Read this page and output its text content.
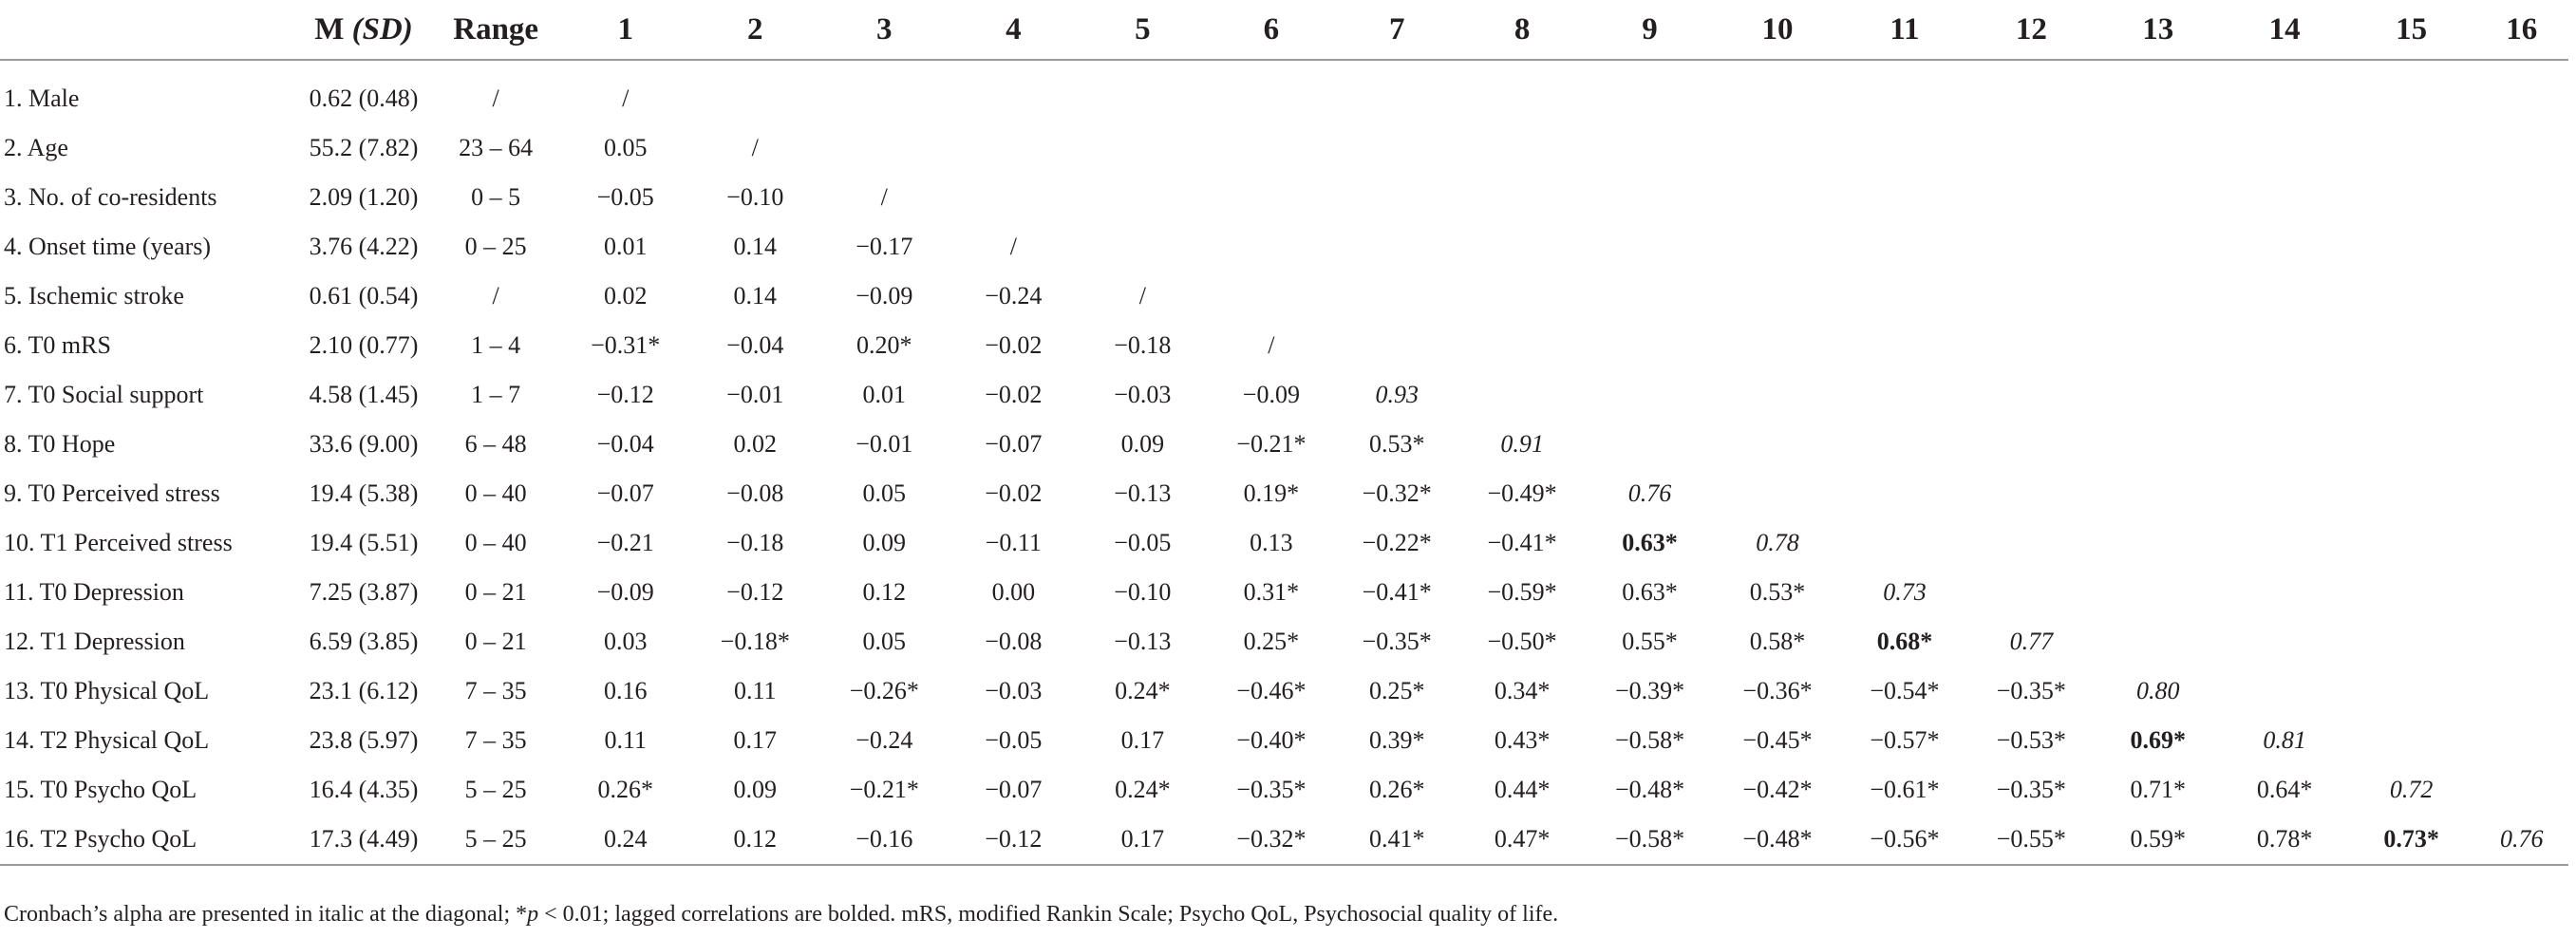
	M (SD)	Range	1	2	3	4	5	6	7	8	9	10	11	12	13	14	15	16
1. Male	0.62 (0.48)	/	/															
2. Age	55.2 (7.82)	23 – 64	0.05	/														
3. No. of co-residents	2.09 (1.20)	0 – 5	−0.05	−0.10	/													
4. Onset time (years)	3.76 (4.22)	0 – 25	0.01	0.14	−0.17	/												
5. Ischemic stroke	0.61 (0.54)	/	0.02	0.14	−0.09	−0.24	/											
6. T0 mRS	2.10 (0.77)	1 – 4	−0.31*	−0.04	0.20*	−0.02	−0.18	/										
7. T0 Social support	4.58 (1.45)	1 – 7	−0.12	−0.01	0.01	−0.02	−0.03	−0.09	0.93									
8. T0 Hope	33.6 (9.00)	6 – 48	−0.04	0.02	−0.01	−0.07	0.09	−0.21*	0.53*	0.91								
9. T0 Perceived stress	19.4 (5.38)	0 – 40	−0.07	−0.08	0.05	−0.02	−0.13	0.19*	−0.32*	−0.49*	0.76							
10. T1 Perceived stress	19.4 (5.51)	0 – 40	−0.21	−0.18	0.09	−0.11	−0.05	0.13	−0.22*	−0.41*	0.63*	0.78						
11. T0 Depression	7.25 (3.87)	0 – 21	−0.09	−0.12	0.12	0.00	−0.10	0.31*	−0.41*	−0.59*	0.63*	0.53*	0.73					
12. T1 Depression	6.59 (3.85)	0 – 21	0.03	−0.18*	0.05	−0.08	−0.13	0.25*	−0.35*	−0.50*	0.55*	0.58*	0.68*	0.77				
13. T0 Physical QoL	23.1 (6.12)	7 – 35	0.16	0.11	−0.26*	−0.03	0.24*	−0.46*	0.25*	0.34*	−0.39*	−0.36*	−0.54*	−0.35*	0.80			
14. T2 Physical QoL	23.8 (5.97)	7 – 35	0.11	0.17	−0.24	−0.05	0.17	−0.40*	0.39*	0.43*	−0.58*	−0.45*	−0.57*	−0.53*	0.69*	0.81		
15. T0 Psycho QoL	16.4 (4.35)	5 – 25	0.26*	0.09	−0.21*	−0.07	0.24*	−0.35*	0.26*	0.44*	−0.48*	−0.42*	−0.61*	−0.35*	0.71*	0.64*	0.72	
16. T2 Psycho QoL	17.3 (4.49)	5 – 25	0.24	0.12	−0.16	−0.12	0.17	−0.32*	0.41*	0.47*	−0.58*	−0.48*	−0.56*	−0.55*	0.59*	0.78*	0.73*	0.76
Cronbach’s alpha are presented in italic at the diagonal; *p < 0.01; lagged correlations are bolded. mRS, modified Rankin Scale; Psycho QoL, Psychosocial quality of life.
